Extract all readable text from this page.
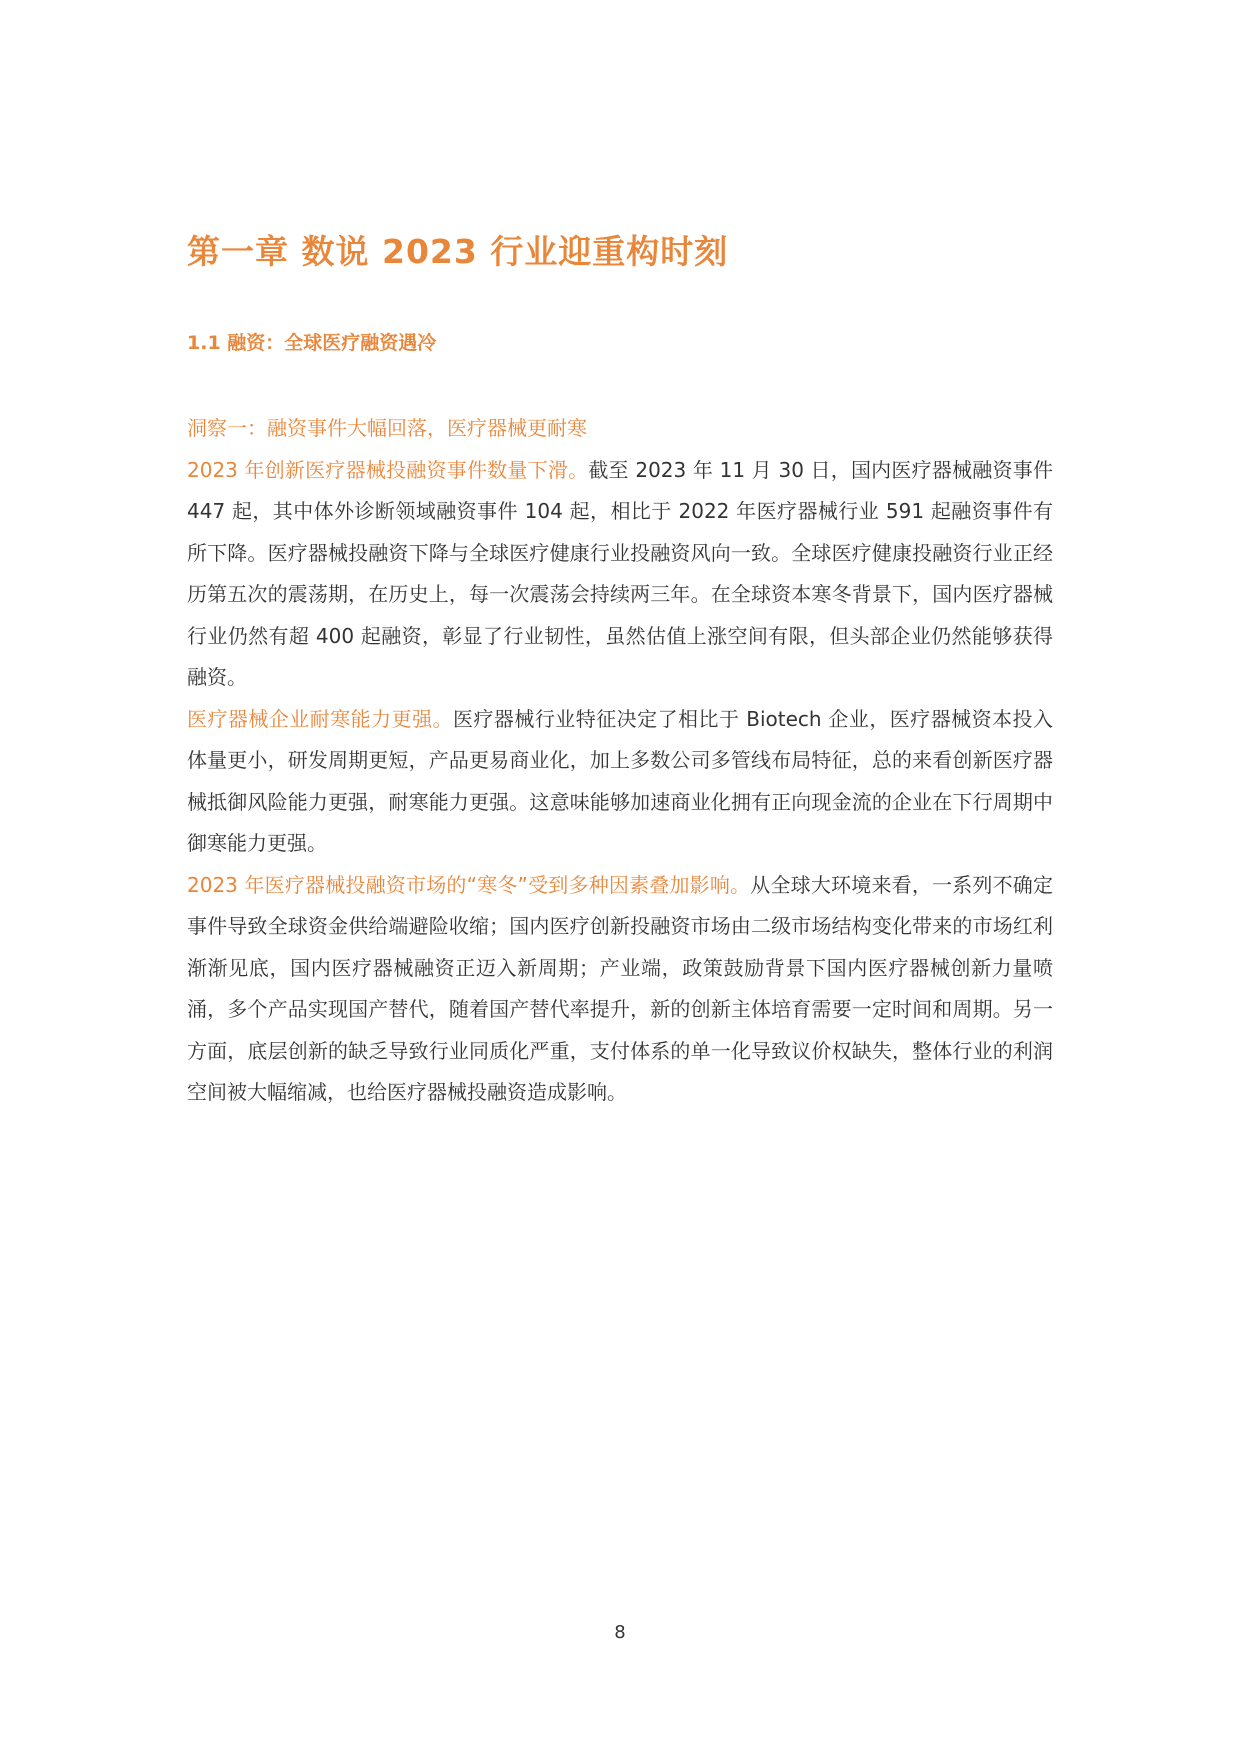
第一章 数说 2023 行业迎重构时刻
1.1 融资：全球医疗融资遇冷

洞察一：融资事件大幅回落，医疗器械更耐寒

2023 年创新医疗器械投融资事件数量下滑。截至 2023 年 11 月 30 日，国内医疗器械融资事件 447 起，其中体外诊断领域融资事件 104 起，相比于 2022 年医疗器械行业 591 起融资事件有所下降。医疗器械投融资下降与全球医疗健康行业投融资风向一致。全球医疗健康投融资行业正经历第五次的震荡期，在历史上，每一次震荡会持续两三年。在全球资本寒冬背景下，国内医疗器械行业仍然有超 400 起融资，彰显了行业韧性，虽然估值上涨空间有限，但头部企业仍然能够获得融资。

医疗器械企业耐寒能力更强。医疗器械行业特征决定了相比于 Biotech 企业，医疗器械资本投入体量更小，研发周期更短，产品更易商业化，加上多数公司多管线布局特征，总的来看创新医疗器械抵御风险能力更强，耐寒能力更强。这意味能够加速商业化拥有正向现金流的企业在下行周期中御寒能力更强。

2023 年医疗器械投融资市场的“寒冬”受到多种因素叠加影响。从全球大环境来看，一系列不确定事件导致全球资金供给端避险收缩；国内医疗创新投融资市场由二级市场结构变化带来的市场红利渐渐见底，国内医疗器械融资正迈入新周期；产业端，政策鼓励背景下国内医疗器械创新力量喷涌，多个产品实现国产替代，随着国产替代率提升，新的创新主体培育需要一定时间和周期。另一方面，底层创新的缺乏导致行业同质化严重，支付体系的单一化导致议价权缺失，整体行业的利润空间被大幅缩减，也给医疗器械投融资造成影响。

8
